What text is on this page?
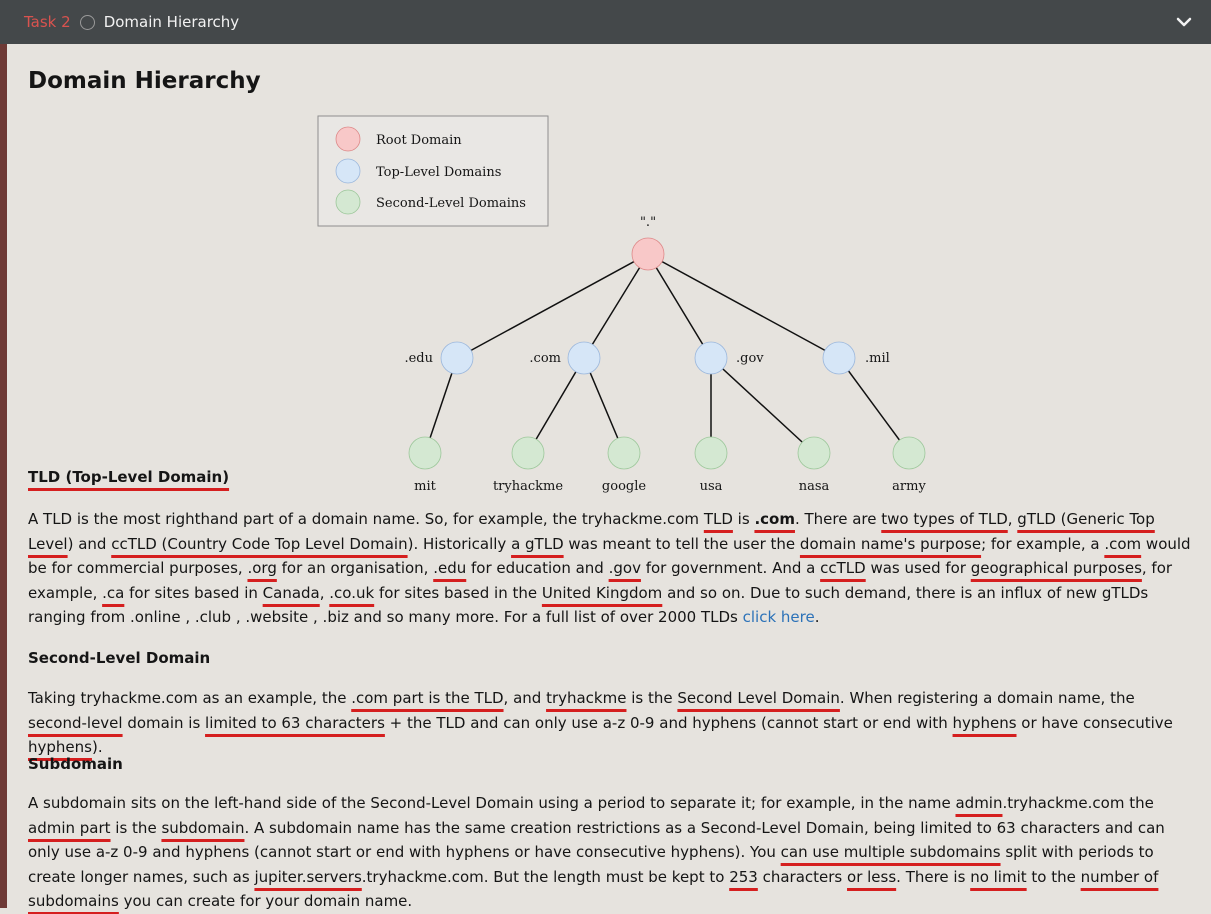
Task 2 Domain Hierarchy
Domain Hierarchy
Root Domain
Top-Level Domains
Second-Level Domains
"."
.edu	.com	.gov	.mil
mit	tryhackme	google	usa	nasa	army
TLD (Top-Level Domain)

A TLD is the most righthand part of a domain name. So, for example, the tryhackme.com TLD is .com. There are two types of TLD, gTLD (Generic Top Level) and ccTLD (Country Code Top Level Domain). Historically a gTLD was meant to tell the user the domain name's purpose; for example, a .com would be for commercial purposes, .org for an organisation, .edu for education and .gov for government. And a ccTLD was used for geographical purposes, for example, .ca for sites based in Canada, .co.uk for sites based in the United Kingdom and so on. Due to such demand, there is an influx of new gTLDs ranging from .online , .club , .website , .biz and so many more. For a full list of over 2000 TLDs click here.

Second-Level Domain

Taking tryhackme.com as an example, the .com part is the TLD, and tryhackme is the Second Level Domain. When registering a domain name, the second-level domain is limited to 63 characters + the TLD and can only use a-z 0-9 and hyphens (cannot start or end with hyphens or have consecutive hyphens).

Subdomain

A subdomain sits on the left-hand side of the Second-Level Domain using a period to separate it; for example, in the name admin.tryhackme.com the admin part is the subdomain. A subdomain name has the same creation restrictions as a Second-Level Domain, being limited to 63 characters and can only use a-z 0-9 and hyphens (cannot start or end with hyphens or have consecutive hyphens). You can use multiple subdomains split with periods to create longer names, such as jupiter.servers.tryhackme.com. But the length must be kept to 253 characters or less. There is no limit to the number of subdomains you can create for your domain name.
